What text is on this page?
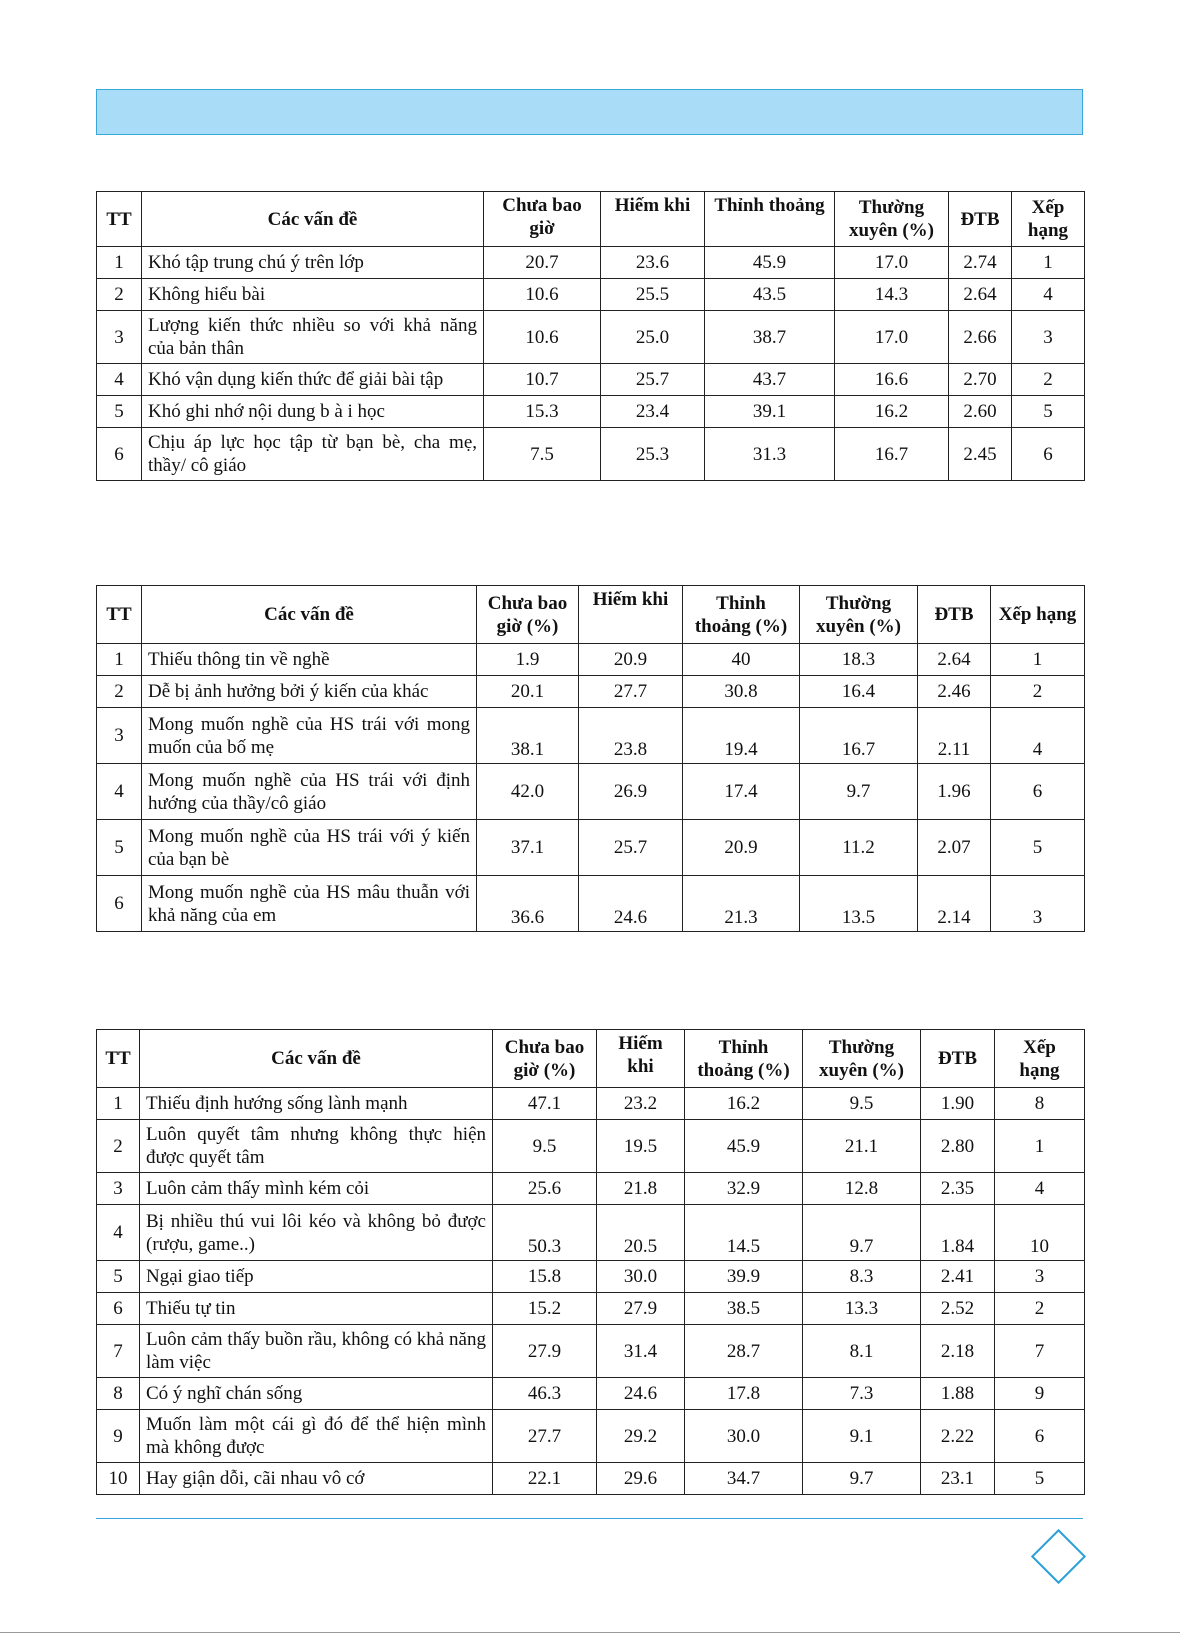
TT	Các vấn đề	Chưa bao giờ	Hiếm khi	Thỉnh thoảng	Thường xuyên (%)	ĐTB	Xếp hạng
1	Khó tập trung chú ý trên lớp	20.7	23.6	45.9	17.0	2.74	1
2	Không hiểu bài	10.6	25.5	43.5	14.3	2.64	4
3	Lượng kiến thức nhiều so với khả năng của bản thân	10.6	25.0	38.7	17.0	2.66	3
4	Khó vận dụng kiến thức để giải bài tập	10.7	25.7	43.7	16.6	2.70	2
5	Khó ghi nhớ nội dung b à i học	15.3	23.4	39.1	16.2	2.60	5
6	Chịu áp lực học tập từ bạn bè, cha mẹ, thầy/ cô giáo	7.5	25.3	31.3	16.7	2.45	6
TT	Các vấn đề	Chưa bao giờ (%)	Hiếm khi	Thỉnh thoảng (%)	Thường xuyên (%)	ĐTB	Xếp hạng
1	Thiếu thông tin về nghề	1.9	20.9	40	18.3	2.64	1
2	Dễ bị ảnh hưởng bởi ý kiến của khác	20.1	27.7	30.8	16.4	2.46	2
3	Mong muốn nghề của HS trái với mong muốn của bố mẹ	38.1	23.8	19.4	16.7	2.11	4
4	Mong muốn nghề của HS trái với định hướng của thầy/cô giáo	42.0	26.9	17.4	9.7	1.96	6
5	Mong muốn nghề của HS trái với ý kiến của bạn bè	37.1	25.7	20.9	11.2	2.07	5
6	Mong muốn nghề của HS mâu thuẫn với khả năng của em	36.6	24.6	21.3	13.5	2.14	3
TT	Các vấn đề	Chưa bao giờ (%)	Hiếm khi	Thỉnh thoảng (%)	Thường xuyên (%)	ĐTB	Xếp hạng
1	Thiếu định hướng sống lành mạnh	47.1	23.2	16.2	9.5	1.90	8
2	Luôn quyết tâm nhưng không thực hiện được quyết tâm	9.5	19.5	45.9	21.1	2.80	1
3	Luôn cảm thấy mình kém cỏi	25.6	21.8	32.9	12.8	2.35	4
4	Bị nhiều thú vui lôi kéo và không bỏ được (rượu, game..)	50.3	20.5	14.5	9.7	1.84	10
5	Ngại giao tiếp	15.8	30.0	39.9	8.3	2.41	3
6	Thiếu tự tin	15.2	27.9	38.5	13.3	2.52	2
7	Luôn cảm thấy buồn rầu, không có khả năng làm việc	27.9	31.4	28.7	8.1	2.18	7
8	Có ý nghĩ chán sống	46.3	24.6	17.8	7.3	1.88	9
9	Muốn làm một cái gì đó để thể hiện mình mà không được	27.7	29.2	30.0	9.1	2.22	6
10	Hay giận dỗi, cãi nhau vô cớ	22.1	29.6	34.7	9.7	23.1	5
